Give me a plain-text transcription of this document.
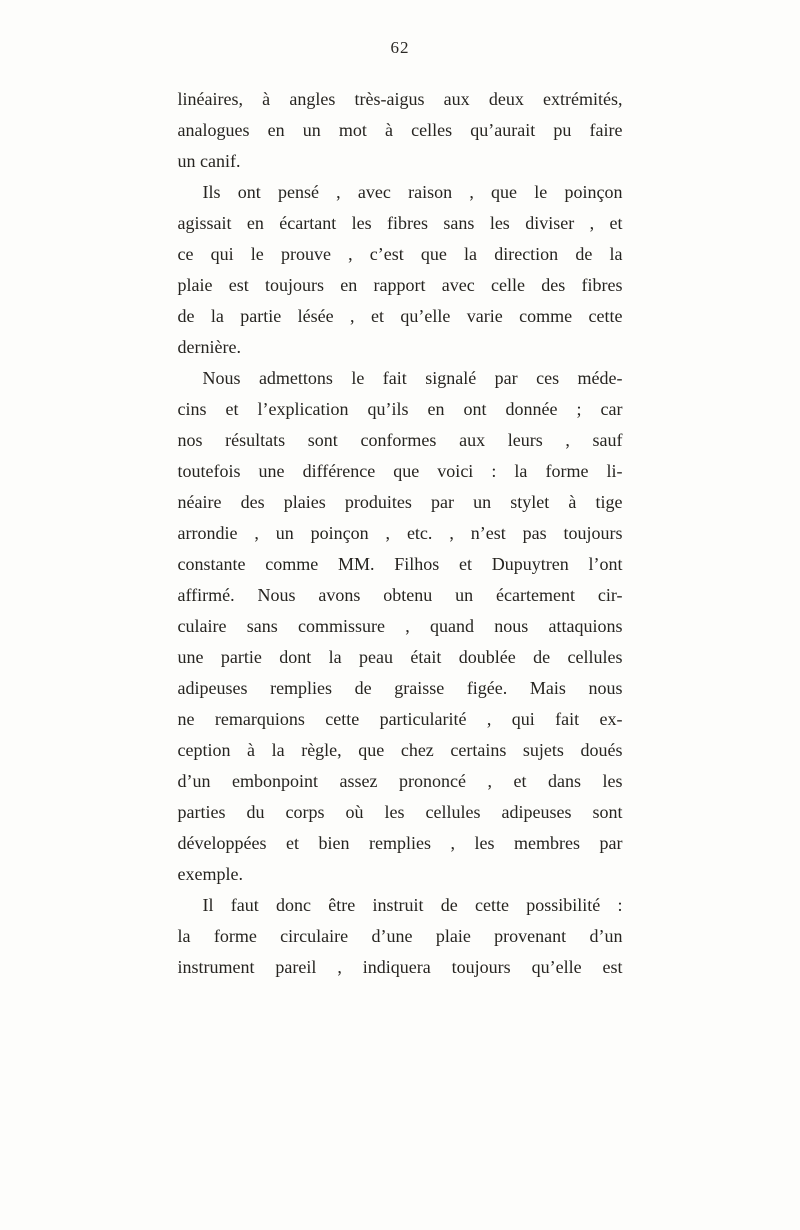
62
linéaires, à angles très-aigus aux deux extrémités,
analogues en un mot à celles qu’aurait pu faire
un canif.
Ils ont pensé , avec raison , que le poinçon
agissait en écartant les fibres sans les diviser , et
ce qui le prouve , c’est que la direction de la
plaie est toujours en rapport avec celle des fibres
de la partie lésée , et qu’elle varie comme cette
dernière.
Nous admettons le fait signalé par ces méde-
cins et l’explication qu’ils en ont donnée ; car
nos résultats sont conformes aux leurs , sauf
toutefois une différence que voici : la forme li-
néaire des plaies produites par un stylet à tige
arrondie , un poinçon , etc. , n’est pas toujours
constante comme MM. Filhos et Dupuytren l’ont
affirmé. Nous avons obtenu un écartement cir-
culaire sans commissure , quand nous attaquions
une partie dont la peau était doublée de cellules
adipeuses remplies de graisse figée. Mais nous
ne remarquions cette particularité , qui fait ex-
ception à la règle, que chez certains sujets doués
d’un embonpoint assez prononcé , et dans les
parties du corps où les cellules adipeuses sont
développées et bien remplies , les membres par
exemple.
Il faut donc être instruit de cette possibilité :
la forme circulaire d’une plaie provenant d’un
instrument pareil , indiquera toujours qu’elle est
